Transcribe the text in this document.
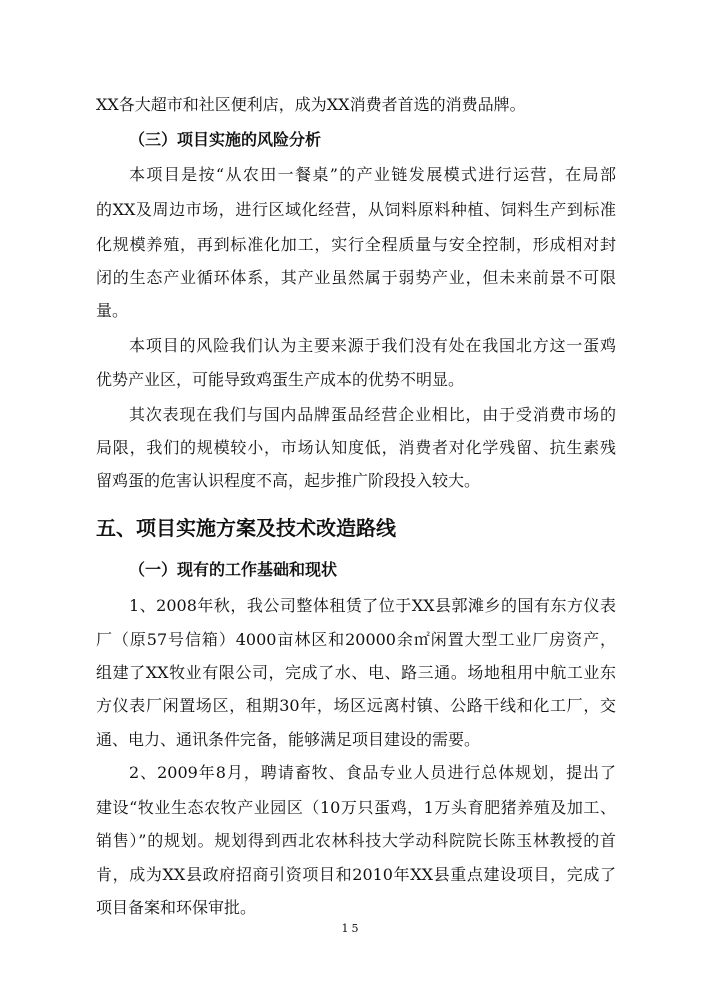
XX各大超市和社区便利店，成为XX消费者首选的消费品牌。
（三）项目实施的风险分析
本项目是按“从农田一餐桌”的产业链发展模式进行运营，在局部
的XX及周边市场，进行区域化经营，从饲料原料种植、饲料生产到标准
化规模养殖，再到标准化加工，实行全程质量与安全控制，形成相对封
闭的生态产业循环体系，其产业虽然属于弱势产业，但未来前景不可限
量。
本项目的风险我们认为主要来源于我们没有处在我国北方这一蛋鸡
优势产业区，可能导致鸡蛋生产成本的优势不明显。
其次表现在我们与国内品牌蛋品经营企业相比，由于受消费市场的
局限，我们的规模较小，市场认知度低，消费者对化学残留、抗生素残
留鸡蛋的危害认识程度不高，起步推广阶段投入较大。
五、项目实施方案及技术改造路线
（一）现有的工作基础和现状
1、2008年秋，我公司整体租赁了位于XX县郭滩乡的国有东方仪表
厂（原57号信箱）4000亩林区和20000余㎡闲置大型工业厂房资产，
组建了XX牧业有限公司，完成了水、电、路三通。场地租用中航工业东
方仪表厂闲置场区，租期30年，场区远离村镇、公路干线和化工厂，交
通、电力、通讯条件完备，能够满足项目建设的需要。
2、2009年8月，聘请畜牧、食品专业人员进行总体规划，提出了
建设“牧业生态农牧产业园区（10万只蛋鸡，1万头育肥猪养殖及加工、
销售）”的规划。规划得到西北农林科技大学动科院院长陈玉林教授的首
肯，成为XX县政府招商引资项目和2010年XX县重点建设项目，完成了
项目备案和环保审批。
15
